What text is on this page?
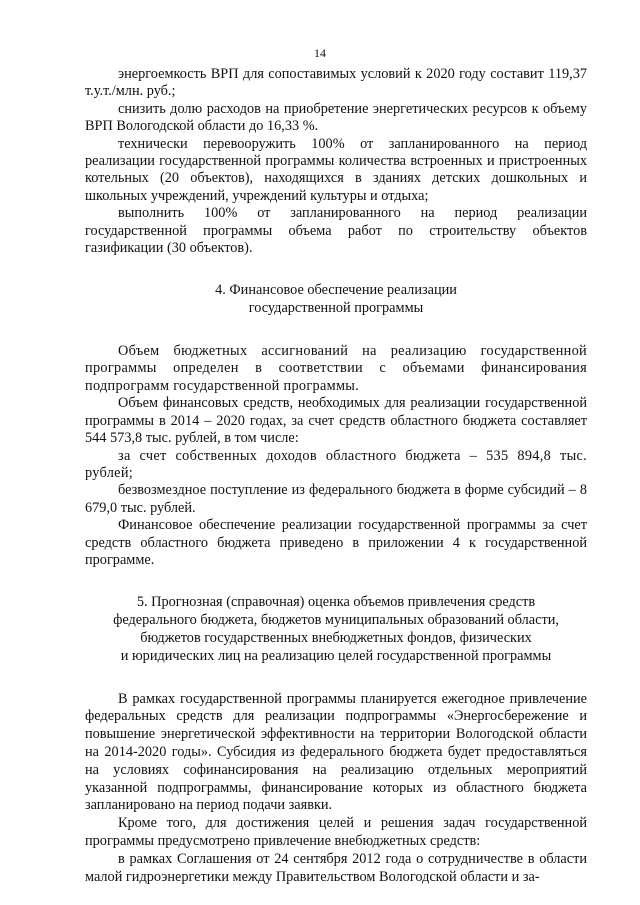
14

энергоемкость ВРП для сопоставимых условий к 2020 году составит 119,37 т.у.т./млн. руб.;

снизить долю расходов на приобретение энергетических ресурсов к объему ВРП Вологодской области до 16,33 %.

технически перевооружить 100% от запланированного на период реализации государственной программы количества встроенных и пристроенных котельных (20 объектов), находящихся в зданиях детских дошкольных и школьных учреждений, учреждений культуры и отдыха;

выполнить 100% от запланированного на период реализации государственной программы объема работ по строительству объектов газификации (30 объектов).

4. Финансовое обеспечение реализации
государственной программы

Объем бюджетных ассигнований на реализацию государственной программы определен в соответствии с объемами финансирования подпрограмм государственной программы.

Объем финансовых средств, необходимых для реализации государственной программы в 2014 – 2020 годах, за счет средств областного бюджета составляет 544 573,8 тыс. рублей, в том числе:

за счет собственных доходов областного бюджета – 535 894,8 тыс. рублей;

безвозмездное поступление из федерального бюджета в форме субсидий – 8 679,0 тыс. рублей.

Финансовое обеспечение реализации государственной программы за счет средств областного бюджета приведено в приложении 4 к государственной программе.

5. Прогнозная (справочная) оценка объемов привлечения средств
федерального бюджета, бюджетов муниципальных образований области,
бюджетов государственных внебюджетных фондов, физических
и юридических лиц на реализацию целей государственной программы

В рамках государственной программы планируется ежегодное привлечение федеральных средств для реализации подпрограммы «Энергосбережение и повышение энергетической эффективности на территории Вологодской области на 2014-2020 годы». Субсидия из федерального бюджета будет предоставляться на условиях софинансирования на реализацию отдельных мероприятий указанной подпрограммы, финансирование которых из областного бюджета запланировано на период подачи заявки.

Кроме того, для достижения целей и решения задач государственной программы предусмотрено привлечение внебюджетных средств:

в рамках Соглашения от 24 сентября 2012 года о сотрудничестве в области малой гидроэнергетики между Правительством Вологодской области и за-
